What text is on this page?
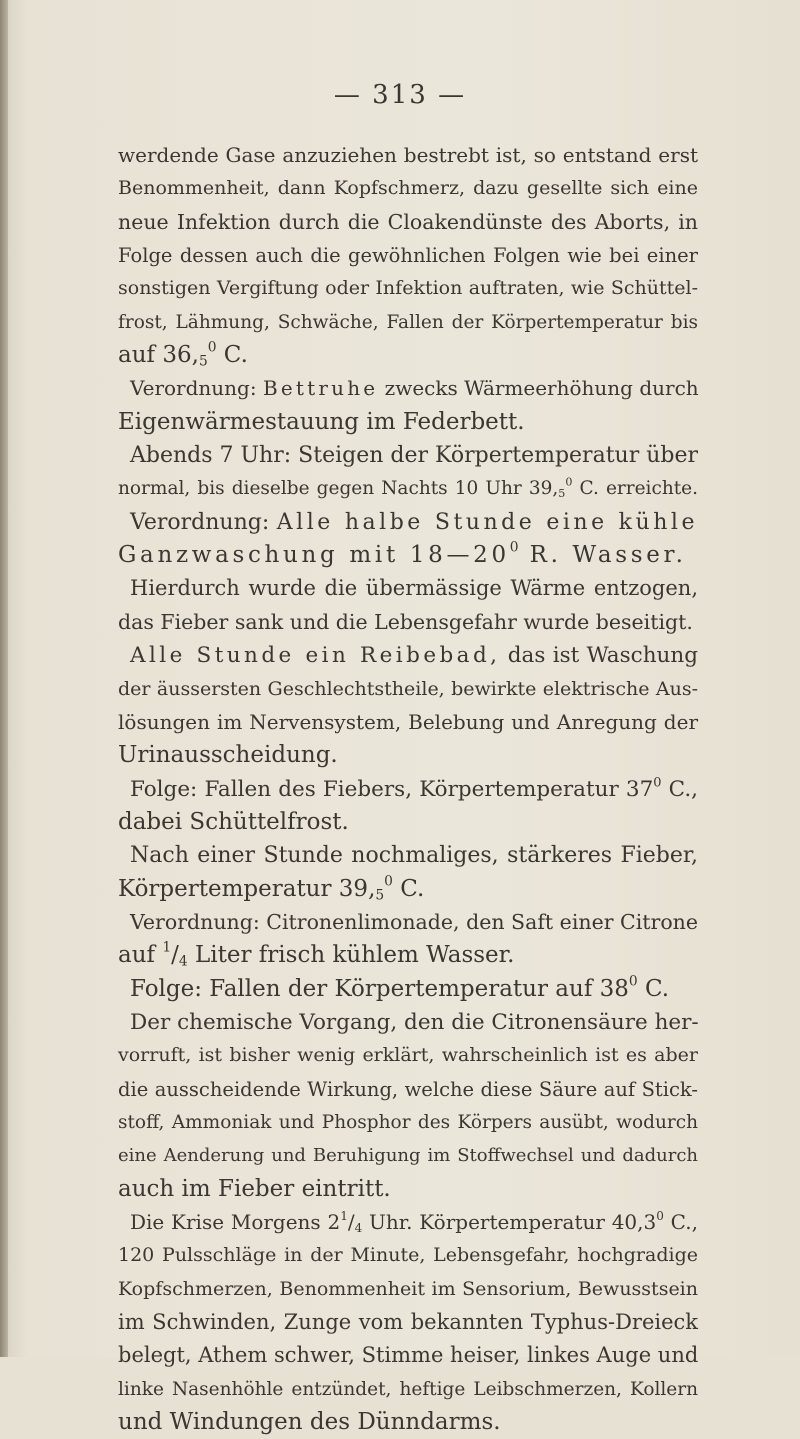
— 313 —
werdende Gase anzuziehen bestrebt ist, so entstand erst
Benommenheit, dann Kopfschmerz, dazu gesellte sich eine
neue Infektion durch die Cloakendünste des Aborts, in
Folge dessen auch die gewöhnlichen Folgen wie bei einer
sonstigen Vergiftung oder Infektion auftraten, wie Schüttel-
frost, Lähmung, Schwäche, Fallen der Körpertemperatur bis
auf $36,_5^0$ C.
Verordnung: Bettruhe zwecks Wärmeerhöhung durch
Eigenwärmestauung im Federbett.
Abends 7 Uhr: Steigen der Körpertemperatur über
normal, bis dieselbe gegen Nachts 10 Uhr $39,_5^0$ C. erreichte.
Verordnung: Alle halbe Stunde eine kühle
Ganzwaschung mit $18—20^0$ R. Wasser.
Hierdurch wurde die übermässige Wärme entzogen,
das Fieber sank und die Lebensgefahr wurde beseitigt.
Alle Stunde ein Reibebad, das ist Waschung
der äussersten Geschlechtstheile, bewirkte elektrische Aus-
lösungen im Nervensystem, Belebung und Anregung der
Urinausscheidung.
Folge: Fallen des Fiebers, Körpertemperatur $37^0$ C.,
dabei Schüttelfrost.
Nach einer Stunde nochmaliges, stärkeres Fieber,
Körpertemperatur $39,_5^0$ C.
Verordnung: Citronenlimonade, den Saft einer Citrone
auf $^1/_4$ Liter frisch kühlem Wasser.
Folge: Fallen der Körpertemperatur auf $38^0$ C.
Der chemische Vorgang, den die Citronensäure her-
vorruft, ist bisher wenig erklärt, wahrscheinlich ist es aber
die ausscheidende Wirkung, welche diese Säure auf Stick-
stoff, Ammoniak und Phosphor des Körpers ausübt, wodurch
eine Aenderung und Beruhigung im Stoffwechsel und dadurch
auch im Fieber eintritt.
Die Krise Morgens $2^1/_4$ Uhr. Körpertemperatur 40,3$^0$ C.,
120 Pulsschläge in der Minute, Lebensgefahr, hochgradige
Kopfschmerzen, Benommenheit im Sensorium, Bewusstsein
im Schwinden, Zunge vom bekannten Typhus-Dreieck
belegt, Athem schwer, Stimme heiser, linkes Auge und
linke Nasenhöhle entzündet, heftige Leibschmerzen, Kollern
und Windungen des Dünndarms.
